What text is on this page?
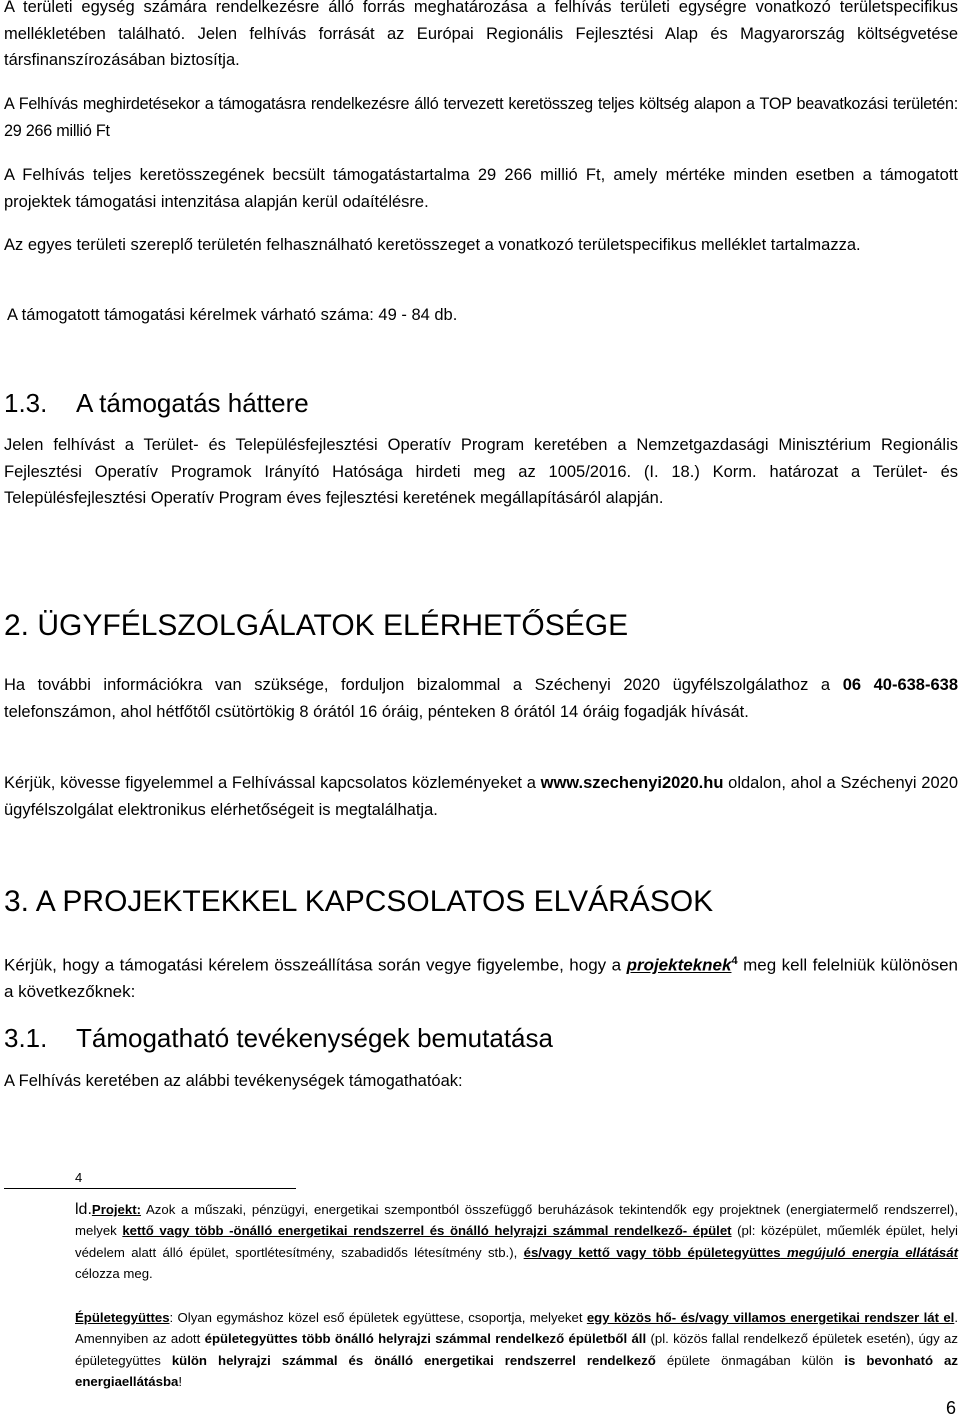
A területi egység számára rendelkezésre álló forrás meghatározása a felhívás területi egységre vonatkozó területspecifikus mellékletében található. Jelen felhívás forrását az Európai Regionális Fejlesztési Alap és Magyarország költségvetése társfinanszírozásában biztosítja.

A Felhívás meghirdetésekor a támogatásra rendelkezésre álló tervezett keretösszeg teljes költség alapon a TOP beavatkozási területén: 29 266 millió Ft

A Felhívás teljes keretösszegének becsült támogatástartalma 29 266 millió Ft, amely mértéke minden esetben a támogatott projektek támogatási intenzitása alapján kerül odaítélésre.

Az egyes területi szereplő területén felhasználható keretösszeget a vonatkozó területspecifikus melléklet tartalmazza.

A támogatott támogatási kérelmek várható száma: 49 - 84 db.

1.3. A támogatás háttere

Jelen felhívást a Terület- és Településfejlesztési Operatív Program keretében a Nemzetgazdasági Minisztérium Regionális Fejlesztési Operatív Programok Irányító Hatósága hirdeti meg az 1005/2016. (I. 18.) Korm. határozat a Terület- és Településfejlesztési Operatív Program éves fejlesztési keretének megállapításáról alapján.

2. ÜGYFÉLSZOLGÁLATOK ELÉRHETŐSÉGE

Ha további információkra van szüksége, forduljon bizalommal a Széchenyi 2020 ügyfélszolgálathoz a 06 40-638-638 telefonszámon, ahol hétfőtől csütörtökig 8 órától 16 óráig, pénteken 8 órától 14 óráig fogadják hívását.

Kérjük, kövesse figyelemmel a Felhívással kapcsolatos közleményeket a www.szechenyi2020.hu oldalon, ahol a Széchenyi 2020 ügyfélszolgálat elektronikus elérhetőségeit is megtalálhatja.

3. A PROJEKTEKKEL KAPCSOLATOS ELVÁRÁSOK

Kérjük, hogy a támogatási kérelem összeállítása során vegye figyelembe, hogy a projekteknek$^4$ meg kell felelniük különösen a következőknek:

3.1. Támogatható tevékenységek bemutatása

A Felhívás keretében az alábbi tevékenységek támogathatóak:

4

ld.Projekt: Azok a műszaki, pénzügyi, energetikai szempontból összefüggő beruházások tekintendők egy projektnek (energiatermelő rendszerrel), melyek kettő vagy több -önálló energetikai rendszerrel és önálló helyrajzi számmal rendelkező- épület (pl: középület, műemlék épület, helyi védelem alatt álló épület, sportlétesítmény, szabadidős létesítmény stb.), és/vagy kettő vagy több épületegyüttes megújuló energia ellátását célozza meg.

Épületegyüttes: Olyan egymáshoz közel eső épületek együttese, csoportja, melyeket egy közös hő- és/vagy villamos energetikai rendszer lát el. Amennyiben az adott épületegyüttes több önálló helyrajzi számmal rendelkező épületből áll (pl. közös fallal rendelkező épületek esetén), úgy az épületegyüttes külön helyrajzi számmal és önálló energetikai rendszerrel rendelkező épülete önmagában külön is bevonható az energiaellátásba!

6
